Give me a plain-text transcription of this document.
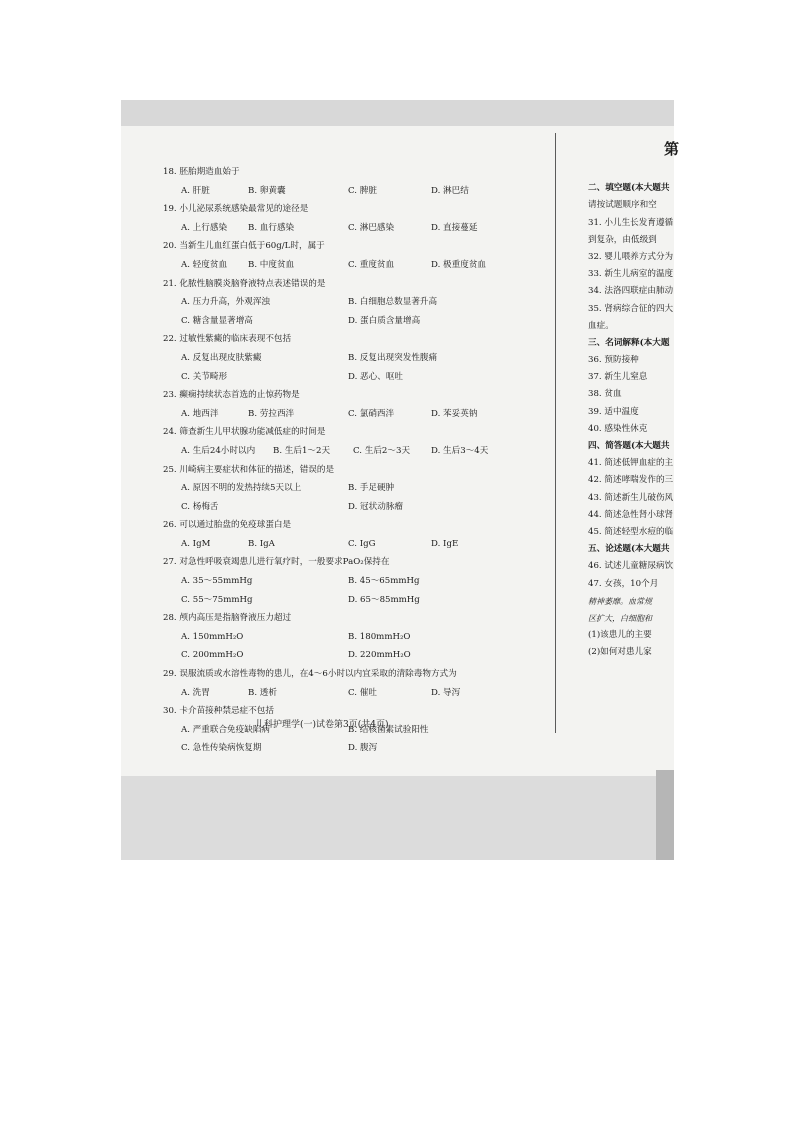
18. 胚胎期造血始于
A. 肝脏	B. 卵黄囊	C. 脾脏	D. 淋巴结
19. 小儿泌尿系统感染最常见的途径是
A. 上行感染 B. 血行感染	C. 淋巴感染	D. 直接蔓延
20. 当新生儿血红蛋白低于60g/L时，属于
A. 轻度贫血 B. 中度贫血	C. 重度贫血	D. 极重度贫血
21. 化脓性脑膜炎脑脊液特点表述错误的是
A. 压力升高，外观浑浊	B. 白细胞总数显著升高
C. 糖含量显著增高	D. 蛋白质含量增高
22. 过敏性紫癜的临床表现不包括
A. 反复出现皮肤紫癜	B. 反复出现突发性腹痛
C. 关节畸形	D. 恶心、呕吐
23. 癫痫持续状态首选的止惊药物是
A. 地西泮	B. 劳拉西泮	C. 氯硝西泮	D. 苯妥英钠
24. 筛查新生儿甲状腺功能减低症的时间是
A. 生后24小时以内 B. 生后1～2天	C. 生后2～3天 D. 生后3～4天
25. 川崎病主要症状和体征的描述，错误的是
A. 原因不明的发热持续5天以上	B. 手足硬肿
C. 杨梅舌	D. 冠状动脉瘤
26. 可以通过胎盘的免疫球蛋白是
A. IgM	B. IgA	C. IgG	D. IgE
27. 对急性呼吸衰竭患儿进行氧疗时，一般要求PaO₂保持在
A. 35～55mmHg	B. 45～65mmHg
C. 55～75mmHg	D. 65～85mmHg
28. 颅内高压是指脑脊液压力超过
A. 150mmH₂O	B. 180mmH₂O
C. 200mmH₂O	D. 220mmH₂O
29. 误服流质或水溶性毒物的患儿，在4～6小时以内宜采取的清除毒物方式为
A. 洗胃	B. 透析	C. 催吐	D. 导泻
30. 卡介苗接种禁忌症不包括
A. 严重联合免疫缺陷病	B. 结核菌素试验阳性
C. 急性传染病恢复期	D. 腹泻
儿科护理学(一)试卷第3页(共4页)
第
二、填空题(本大题共
请按试题顺序和空
31. 小儿生长发育遵循
到复杂，由低级到
32. 婴儿喂养方式分为
33. 新生儿病室的温度
34. 法洛四联症由肺动
35. 肾病综合征的四大
血症。
三、名词解释(本大题
36. 预防接种
37. 新生儿窒息
38. 贫血
39. 适中温度
40. 感染性休克
四、简答题(本大题共
41. 简述低钾血症的主
42. 简述哮喘发作的三
43. 简述新生儿破伤风
44. 简述急性肾小球肾
45. 简述轻型水痘的临
五、论述题(本大题共
46. 试述儿童糖尿病饮
47. 女孩，10个月
精神萎靡。血常规
区扩大，白细胞和
(1)该患儿的主要
(2)如何对患儿家
